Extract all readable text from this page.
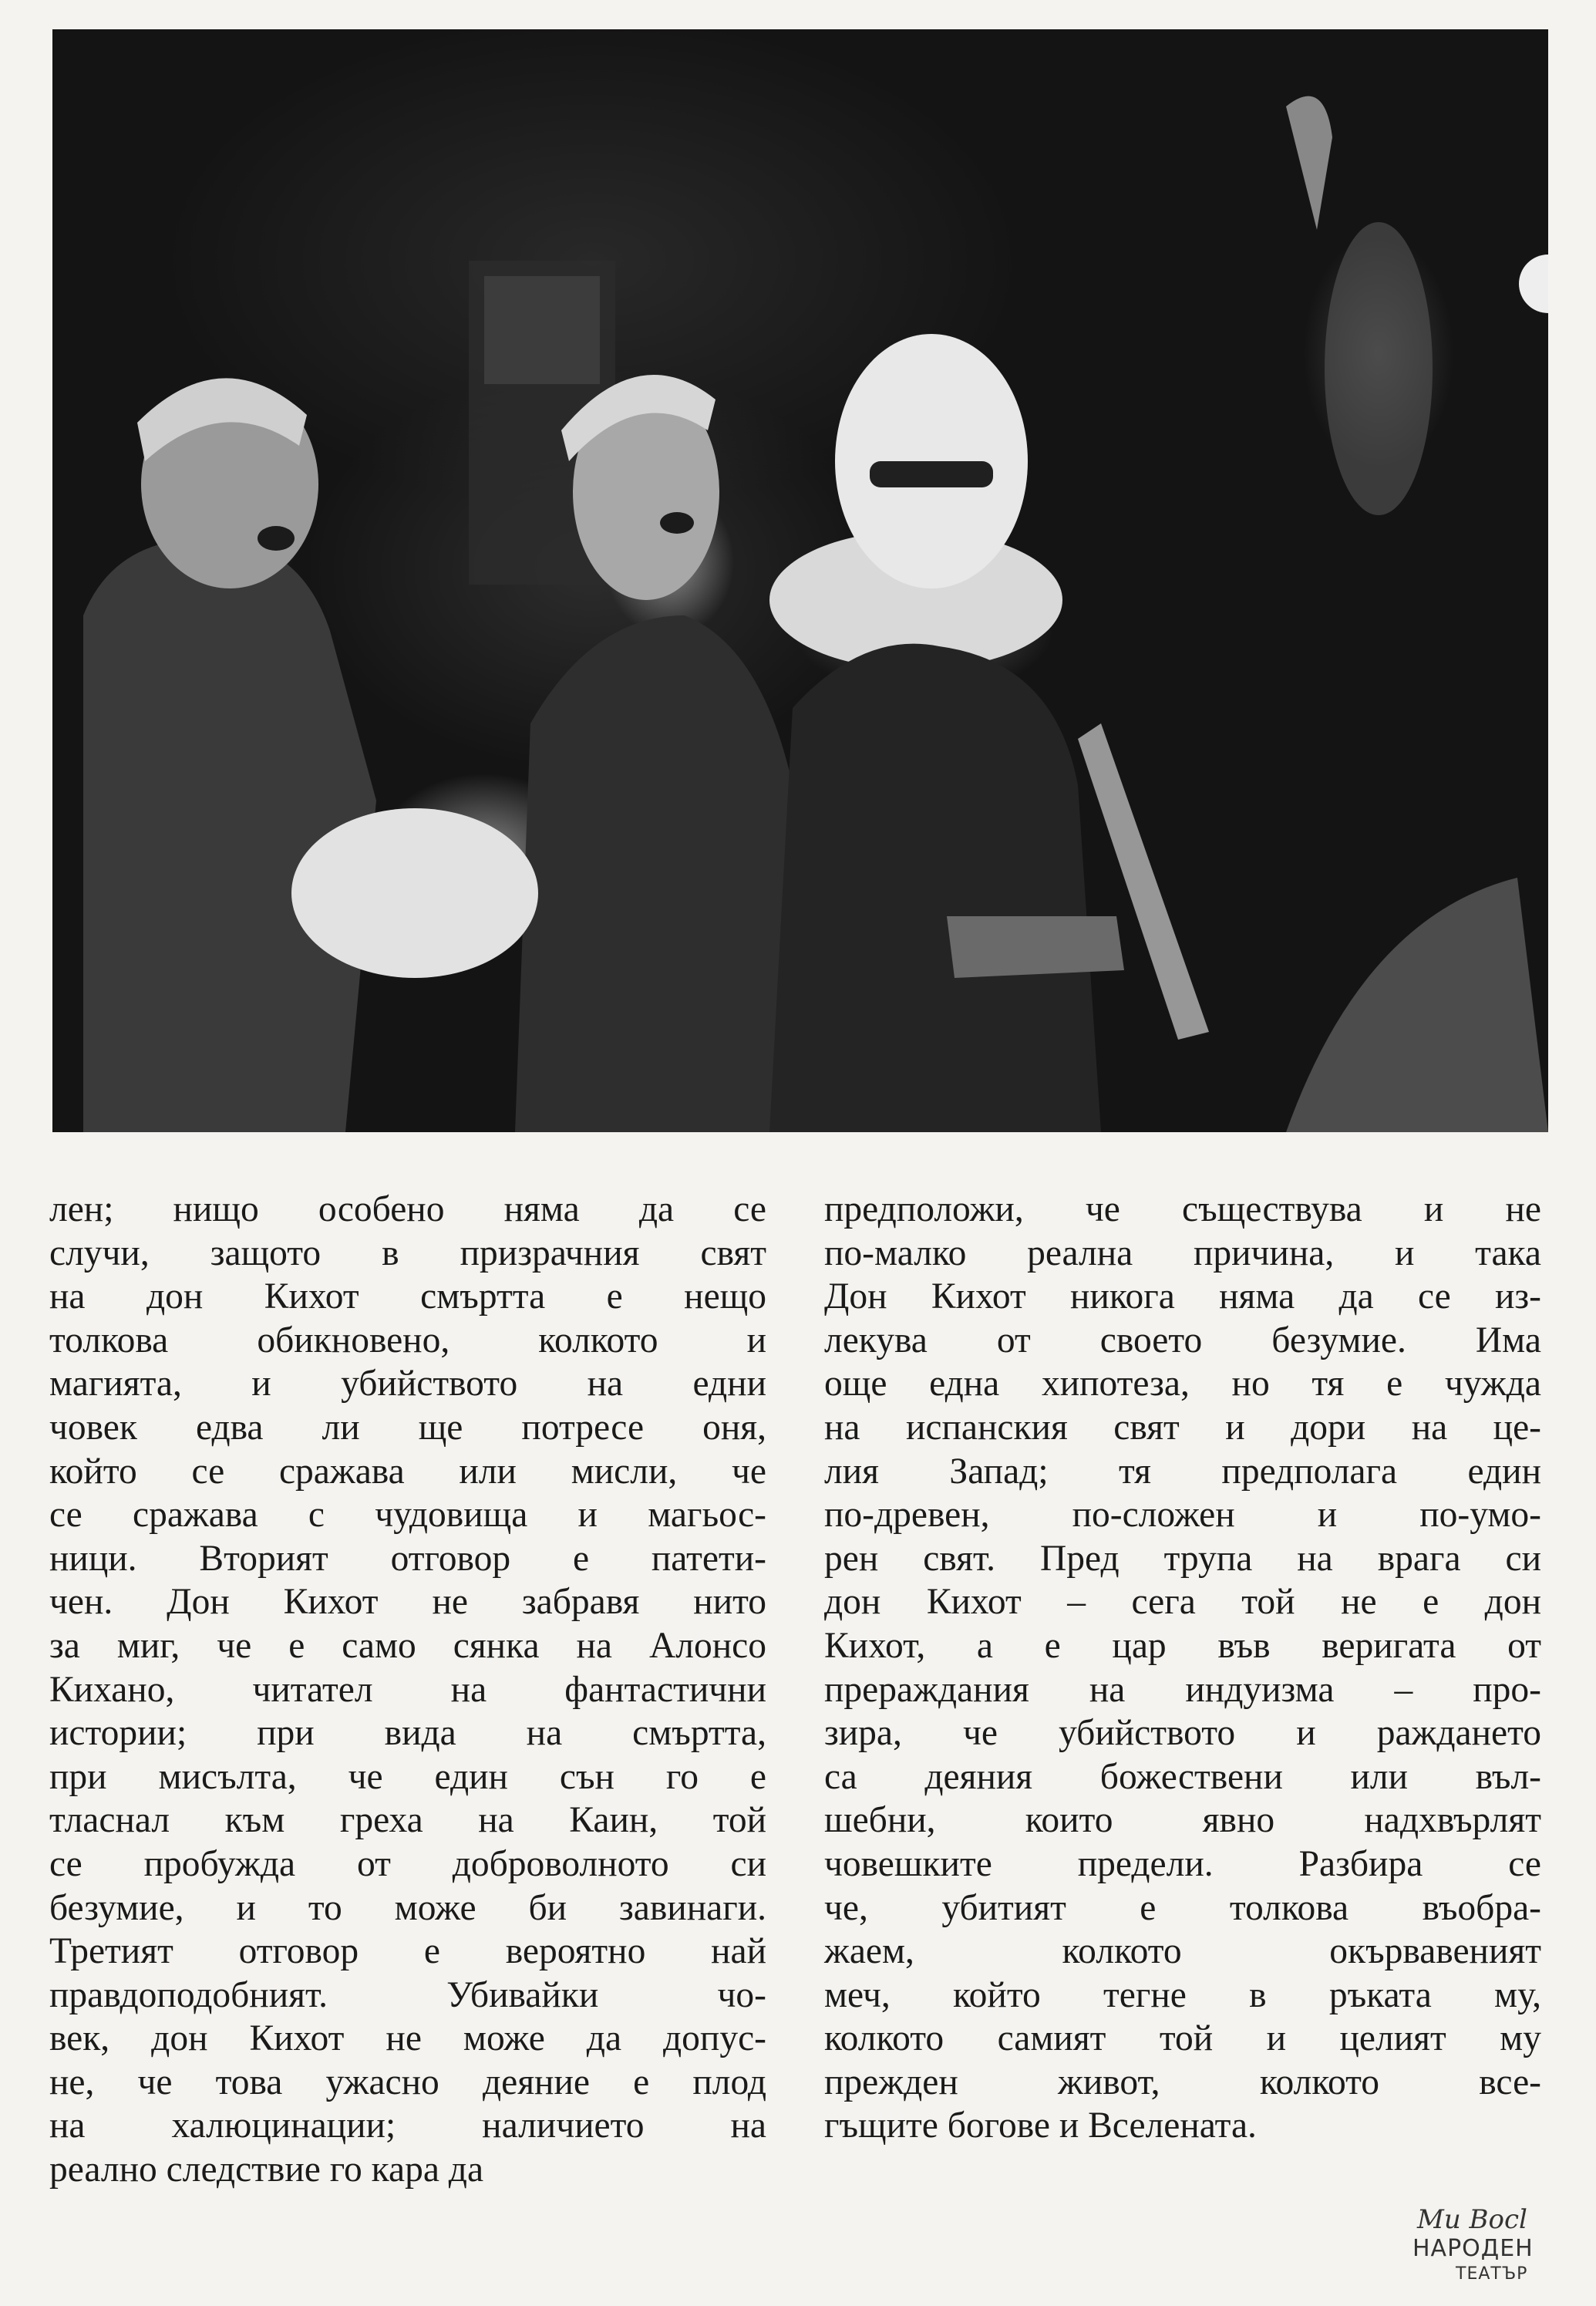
лен; нищо особено няма да се
случи, защото в призрачния свят
на дон Кихот смъртта е нещо
толкова обикновено, колкото и
магията, и убийството на едни
човек едва ли ще потресе оня,
който се сражава или мисли, че
се сражава с чудовища и магьос-
ници. Вторият отговор е патети-
чен. Дон Кихот не забравя нито
за миг, че е само сянка на Алонсо
Кихано, читател на фантастични
истории; при вида на смъртта,
при мисълта, че един сън го е
тласнал към греха на Каин, той
се пробужда от доброволното си
безумие, и то може би завинаги.
Третият отговор е вероятно най
правдоподобният. Убивайки чо-
век, дон Кихот не може да допус-
не, че това ужасно деяние е плод
на халюцинации; наличието на
реално следствие го кара да
предположи, че съществува и не
по-малко реална причина, и така
Дон Кихот никога няма да се из-
лекува от своето безумие. Има
още една хипотеза, но тя е чужда
на испанския свят и дори на це-
лия Запад; тя предполага един
по-древен, по-сложен и по-умо-
рен свят. Пред трупа на врага си
дон Кихот – сега той не е дон
Кихот, а е цар във веригата от
прераждания на индуизма – про-
зира, че убийството и раждането
са деяния божествени или въл-
шебни, които явно надхвърлят
човешките предели. Разбира се
че, убитият е толкова въобра-
жаем, колкото окървавеният
меч, който тегне в ръката му,
колкото самият той и целият му
прежден живот, колкото все-
гъщите богове и Вселената.
Mu Bocl
НАРОДЕН
ТЕАТЪР
